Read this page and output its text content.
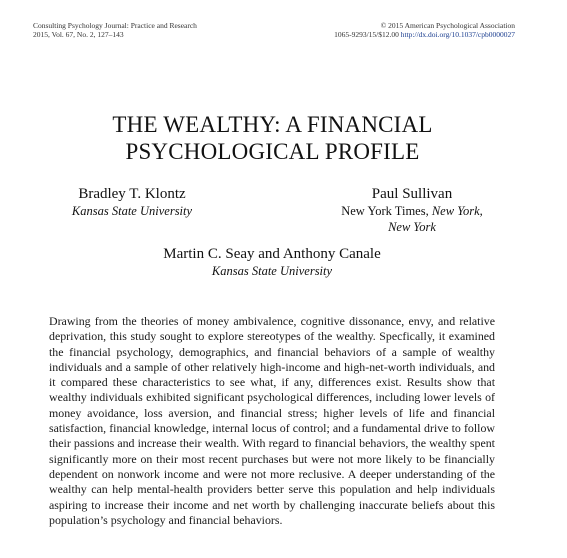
Consulting Psychology Journal: Practice and Research
2015, Vol. 67, No. 2, 127–143
© 2015 American Psychological Association
1065-9293/15/$12.00 http://dx.doi.org/10.1037/cpb0000027
THE WEALTHY: A FINANCIAL
PSYCHOLOGICAL PROFILE
Bradley T. Klontz
Kansas State University
Paul Sullivan
New York Times, New York,
New York
Martin C. Seay and Anthony Canale
Kansas State University

Drawing from the theories of money ambivalence, cognitive dissonance, envy, and relative deprivation, this study sought to explore stereotypes of the wealthy. Specfically, it examined the financial psychology, demographics, and financial behaviors of a sample of wealthy individuals and a sample of other relatively high-income and high-net-worth individuals, and it compared these characteristics to see what, if any, differences exist. Results show that wealthy individuals exhibited significant psychological differences, including lower levels of money avoidance, loss aversion, and financial stress; higher levels of life and financial satisfaction, financial knowledge, internal locus of control; and a fundamental drive to follow their passions and increase their wealth. With regard to financial behaviors, the wealthy spent significantly more on their most recent purchases but were not more likely to be financially dependent on nonwork income and were not more reclusive. A deeper understanding of the wealthy can help mental-health providers better serve this population and help individuals aspiring to increase their income and net worth by challenging inaccurate beliefs about this population’s psychology and financial behaviors.
